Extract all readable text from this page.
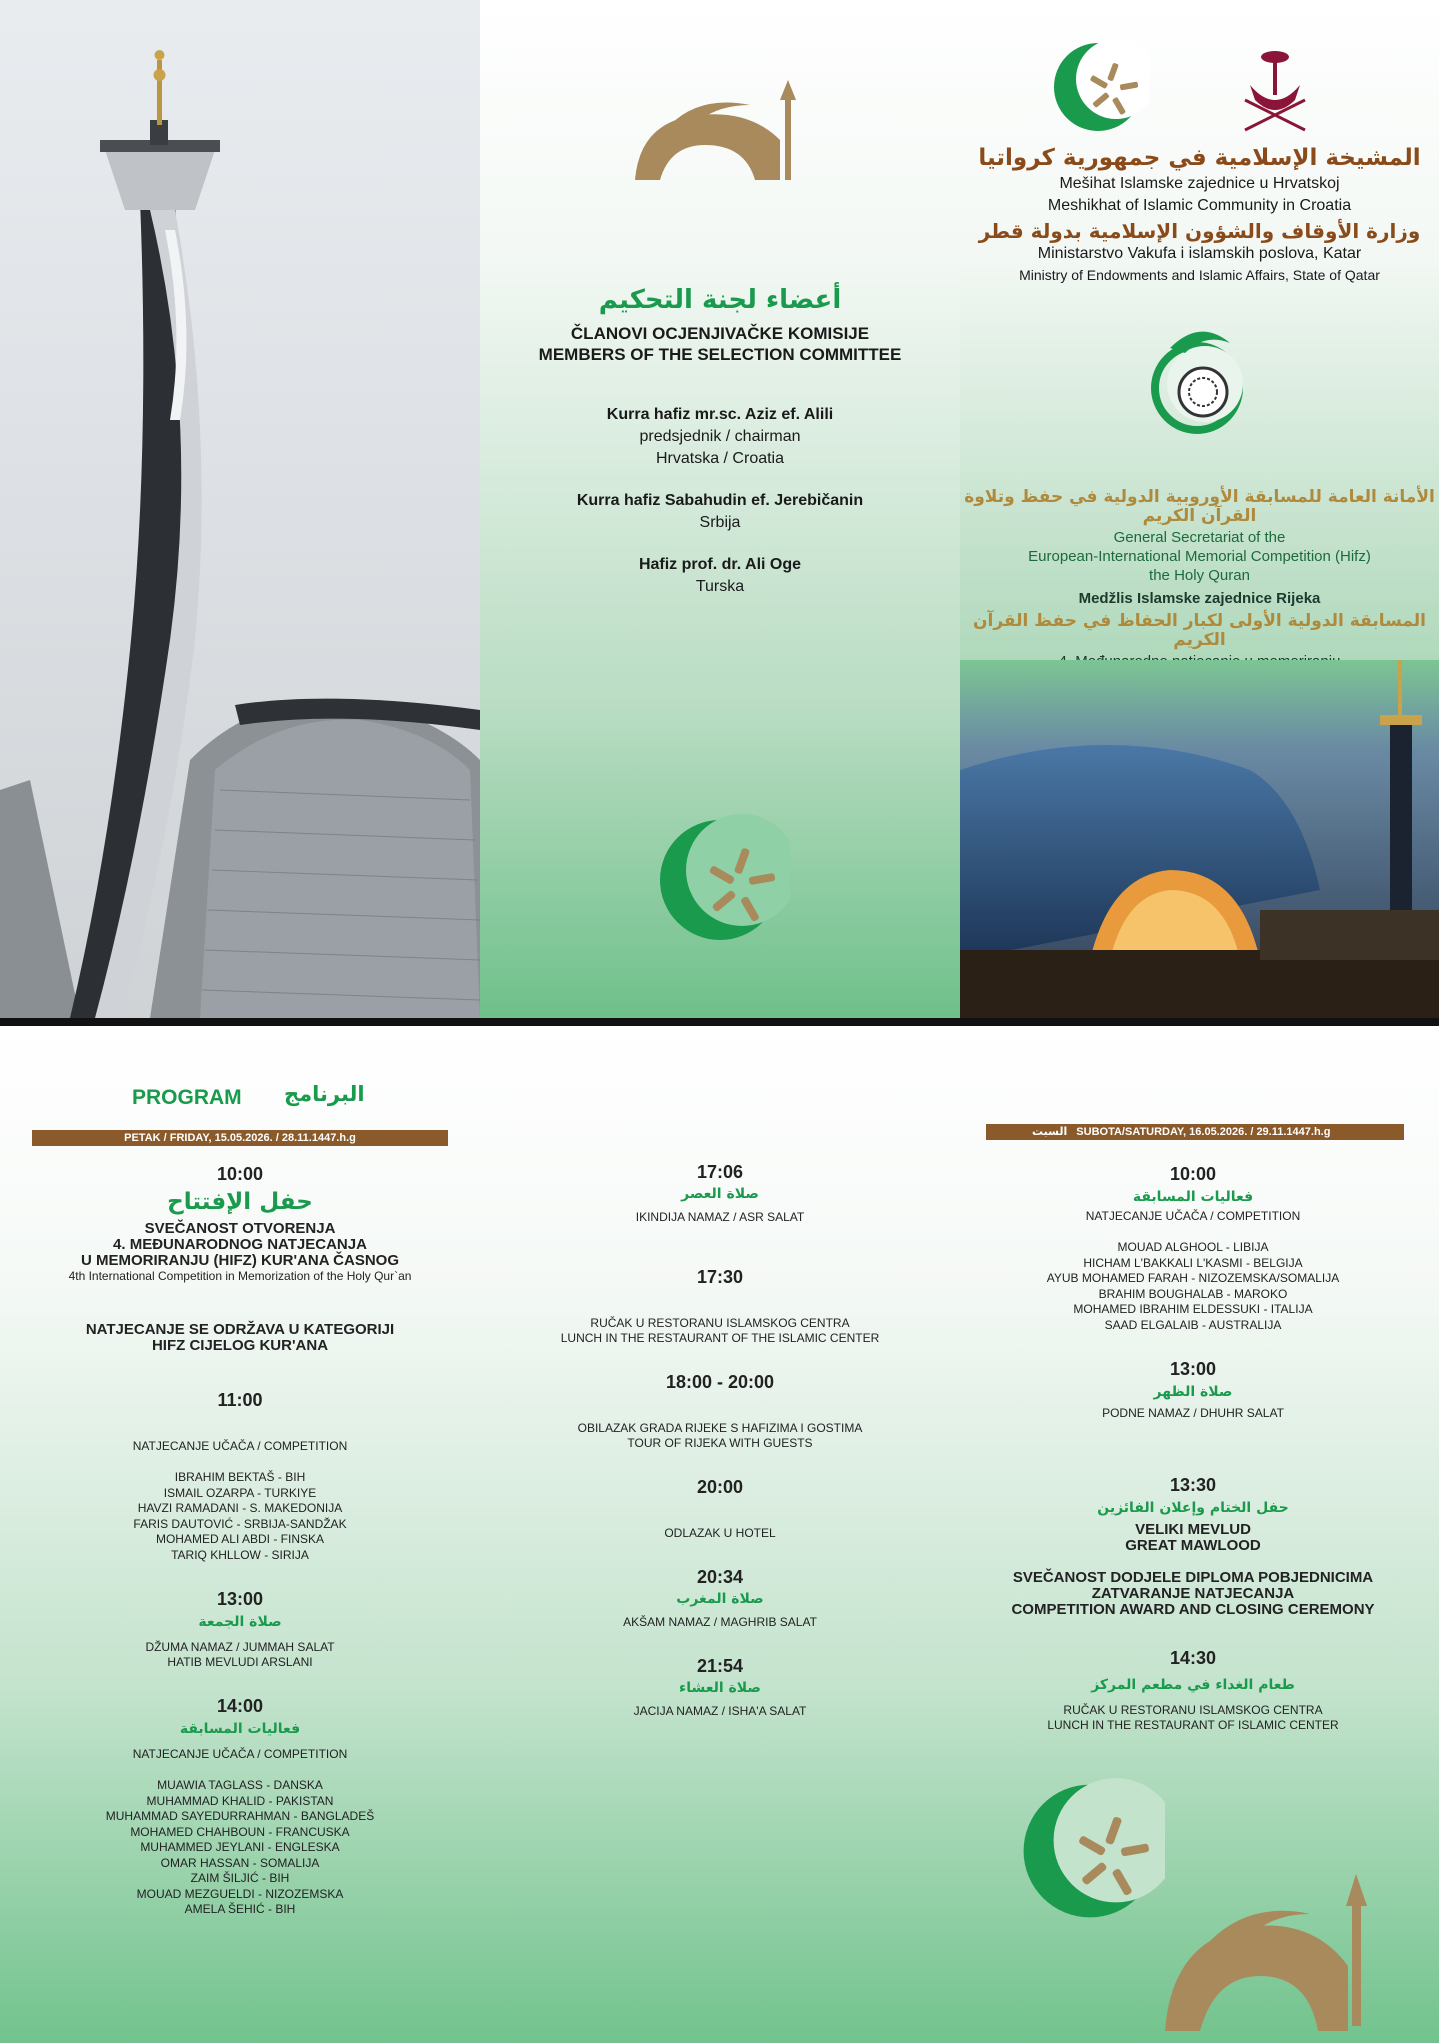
أعضاء لجنة التحكيم
ČLANOVI OCJENJIVAČKE KOMISIJE
MEMBERS OF THE SELECTION COMMITTEE
Kurra hafiz mr.sc. Aziz ef. Alili
predsjednik / chairman
Hrvatska / Croatia
Kurra hafiz Sabahudin ef. Jerebičanin
Srbija
Hafiz prof. dr. Ali Oge
Turska
المشيخة الإسلامية في جمهورية كرواتيا
Mešihat Islamske zajednice u Hrvatskoj
Meshikhat of Islamic Community in Croatia
وزارة الأوقاف والشؤون الإسلامية بدولة قطر
Ministarstvo Vakufa i islamskih poslova, Katar
Ministry of Endowments and Islamic Affairs, State of Qatar
الأمانة العامة للمسابقة الأوروبية الدولية في حفظ وتلاوة القرآن الكريم
General Secretariat of the
European-International Memorial Competition (Hifz)
the Holy Quran
Medžlis Islamske zajednice Rijeka
المسابقة الدولية الأولى لكبار الحفاظ في حفظ القرآن الكريم
PROGRAM البرنامج
PETAK / FRIDAY, 15.05.2026. / 28.11.1447.h.g	السبت SUBOTA/SATURDAY, 16.05.2026. / 29.11.1447.h.g
10:00
حفل الإفتتاح
SVEČANOST OTVORENJA
4. MEĐUNARODNOG NATJECANJA
U MEMORIRANJU (HIFZ) KUR'ANA ČASNOG
4th International Competition in Memorization of the Holy Qur`an
NATJECANJE SE ODRŽAVA U KATEGORIJI
HIFZ CIJELOG KUR'ANA
11:00
NATJECANJE UČAČA / COMPETITION
IBRAHIM BEKTAŠ - BIH
ISMAIL OZARPA - TURKIYE
HAVZI RAMADANI - S. MAKEDONIJA
FARIS DAUTOVIĆ - SRBIJA-SANDŽAK
MOHAMED ALI ABDI - FINSKA
TARIQ KHLLOW - SIRIJA
13:00
صلاة الجمعة
DŽUMA NAMAZ / JUMMAH SALAT
HATIB MEVLUDI ARSLANI
14:00
فعاليات المسابقة
NATJECANJE UČAČA / COMPETITION
MUAWIA TAGLASS - DANSKA
MUHAMMAD KHALID - PAKISTAN
MUHAMMAD SAYEDURRAHMAN - BANGLADEŠ
MOHAMED CHAHBOUN - FRANCUSKA
MUHAMMED JEYLANI - ENGLESKA
OMAR HASSAN - SOMALIJA
ZAIM ŠILJIĆ - BIH
MOUAD MEZGUELDI - NIZOZEMSKA
AMELA ŠEHIĆ - BIH
17:06
صلاة العصر
IKINDIJA NAMAZ / ASR SALAT
17:30
RUČAK U RESTORANU ISLAMSKOG CENTRA
LUNCH IN THE RESTAURANT OF THE ISLAMIC CENTER
18:00 - 20:00
OBILAZAK GRADA RIJEKE S HAFIZIMA I GOSTIMA
TOUR OF RIJEKA WITH GUESTS
20:00
ODLAZAK U HOTEL
20:34
صلاة المغرب
AKŠAM NAMAZ / MAGHRIB SALAT
21:54
صلاة العشاء
JACIJA NAMAZ / ISHA'A SALAT
10:00
فعاليات المسابقة
NATJECANJE UČAČA / COMPETITION
MOUAD ALGHOOL - LIBIJA
HICHAM L'BAKKALI L'KASMI - BELGIJA
AYUB MOHAMED FARAH - NIZOZEMSKA/SOMALIJA
BRAHIM BOUGHALAB - MAROKO
MOHAMED IBRAHIM ELDESSUKI - ITALIJA
SAAD ELGALAIB - AUSTRALIJA
13:00
صلاة الظهر
PODNE NAMAZ / DHUHR SALAT
13:30
حفل الختام وإعلان الفائزين
VELIKI MEVLUD
GREAT MAWLOOD
SVEČANOST DODJELE DIPLOMA POBJEDNICIMA
ZATVARANJE NATJECANJA
COMPETITION AWARD AND CLOSING CEREMONY
14:30
طعام الغداء في مطعم المركز
RUČAK U RESTORANU ISLAMSKOG CENTRA
LUNCH IN THE RESTAURANT OF ISLAMIC CENTER
